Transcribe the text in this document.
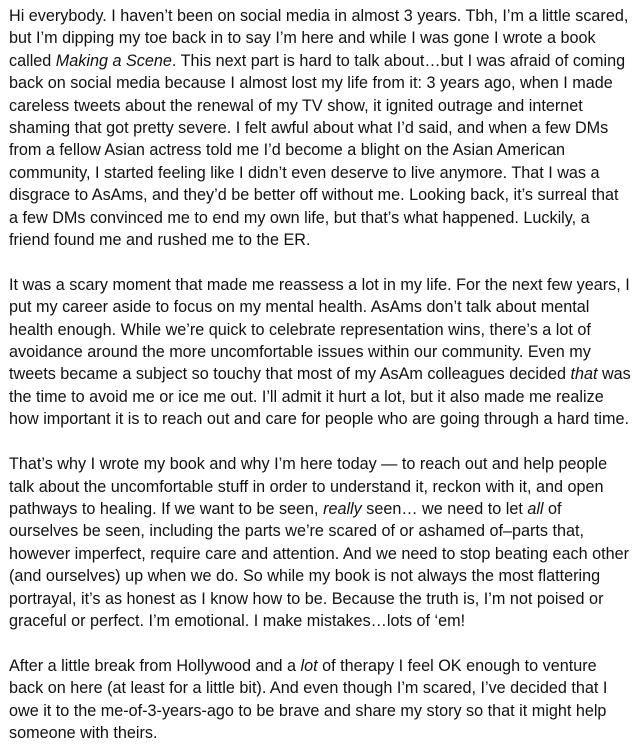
Hi everybody. I haven’t been on social media in almost 3 years. Tbh, I’m a little scared, but I’m dipping my toe back in to say I’m here and while I was gone I wrote a book called Making a Scene. This next part is hard to talk about…but I was afraid of coming back on social media because I almost lost my life from it: 3 years ago, when I made careless tweets about the renewal of my TV show, it ignited outrage and internet shaming that got pretty severe. I felt awful about what I’d said, and when a few DMs from a fellow Asian actress told me I’d become a blight on the Asian American community, I started feeling like I didn’t even deserve to live anymore. That I was a disgrace to AsAms, and they’d be better off without me. Looking back, it’s surreal that a few DMs convinced me to end my own life, but that’s what happened. Luckily, a friend found me and rushed me to the ER.

It was a scary moment that made me reassess a lot in my life. For the next few years, I put my career aside to focus on my mental health. AsAms don’t talk about mental health enough. While we’re quick to celebrate representation wins, there’s a lot of avoidance around the more uncomfortable issues within our community. Even my tweets became a subject so touchy that most of my AsAm colleagues decided that was the time to avoid me or ice me out. I’ll admit it hurt a lot, but it also made me realize how important it is to reach out and care for people who are going through a hard time.

That’s why I wrote my book and why I’m here today — to reach out and help people talk about the uncomfortable stuff in order to understand it, reckon with it, and open pathways to healing. If we want to be seen, really seen… we need to let all of ourselves be seen, including the parts we’re scared of or ashamed of–parts that, however imperfect, require care and attention. And we need to stop beating each other (and ourselves) up when we do. So while my book is not always the most flattering portrayal, it’s as honest as I know how to be. Because the truth is, I’m not poised or graceful or perfect. I’m emotional. I make mistakes…lots of ‘em!

After a little break from Hollywood and a lot of therapy I feel OK enough to venture back on here (at least for a little bit). And even though I’m scared, I’ve decided that I owe it to the me-of-3-years-ago to be brave and share my story so that it might help someone with theirs.
